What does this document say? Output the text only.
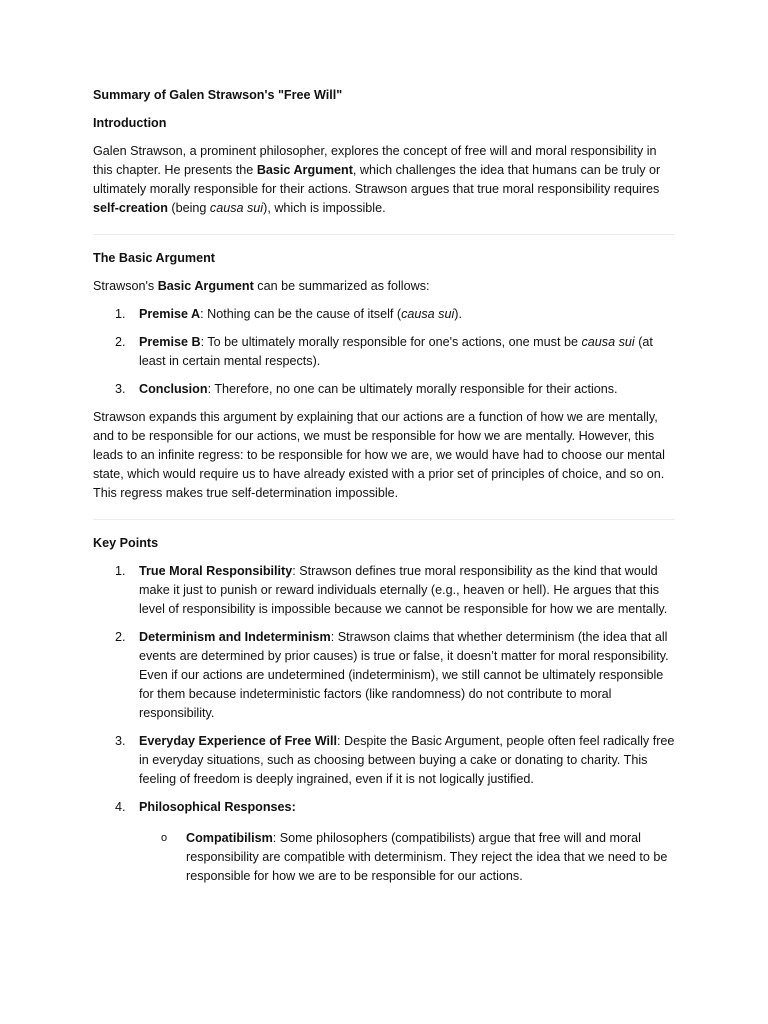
Summary of Galen Strawson's "Free Will"

Introduction

Galen Strawson, a prominent philosopher, explores the concept of free will and moral responsibility in this chapter. He presents the Basic Argument, which challenges the idea that humans can be truly or ultimately morally responsible for their actions. Strawson argues that true moral responsibility requires self-creation (being causa sui), which is impossible.

The Basic Argument

Strawson's Basic Argument can be summarized as follows:

1. Premise A: Nothing can be the cause of itself (causa sui).
2. Premise B: To be ultimately morally responsible for one's actions, one must be causa sui (at least in certain mental respects).
3. Conclusion: Therefore, no one can be ultimately morally responsible for their actions.

Strawson expands this argument by explaining that our actions are a function of how we are mentally, and to be responsible for our actions, we must be responsible for how we are mentally. However, this leads to an infinite regress: to be responsible for how we are, we would have had to choose our mental state, which would require us to have already existed with a prior set of principles of choice, and so on. This regress makes true self-determination impossible.

Key Points

1. True Moral Responsibility: Strawson defines true moral responsibility as the kind that would make it just to punish or reward individuals eternally (e.g., heaven or hell). He argues that this level of responsibility is impossible because we cannot be responsible for how we are mentally.
2. Determinism and Indeterminism: Strawson claims that whether determinism (the idea that all events are determined by prior causes) is true or false, it doesn’t matter for moral responsibility. Even if our actions are undetermined (indeterminism), we still cannot be ultimately responsible for them because indeterministic factors (like randomness) do not contribute to moral responsibility.
3. Everyday Experience of Free Will: Despite the Basic Argument, people often feel radically free in everyday situations, such as choosing between buying a cake or donating to charity. This feeling of freedom is deeply ingrained, even if it is not logically justified.
4. Philosophical Responses:
o Compatibilism: Some philosophers (compatibilists) argue that free will and moral responsibility are compatible with determinism. They reject the idea that we need to be responsible for how we are to be responsible for our actions.
